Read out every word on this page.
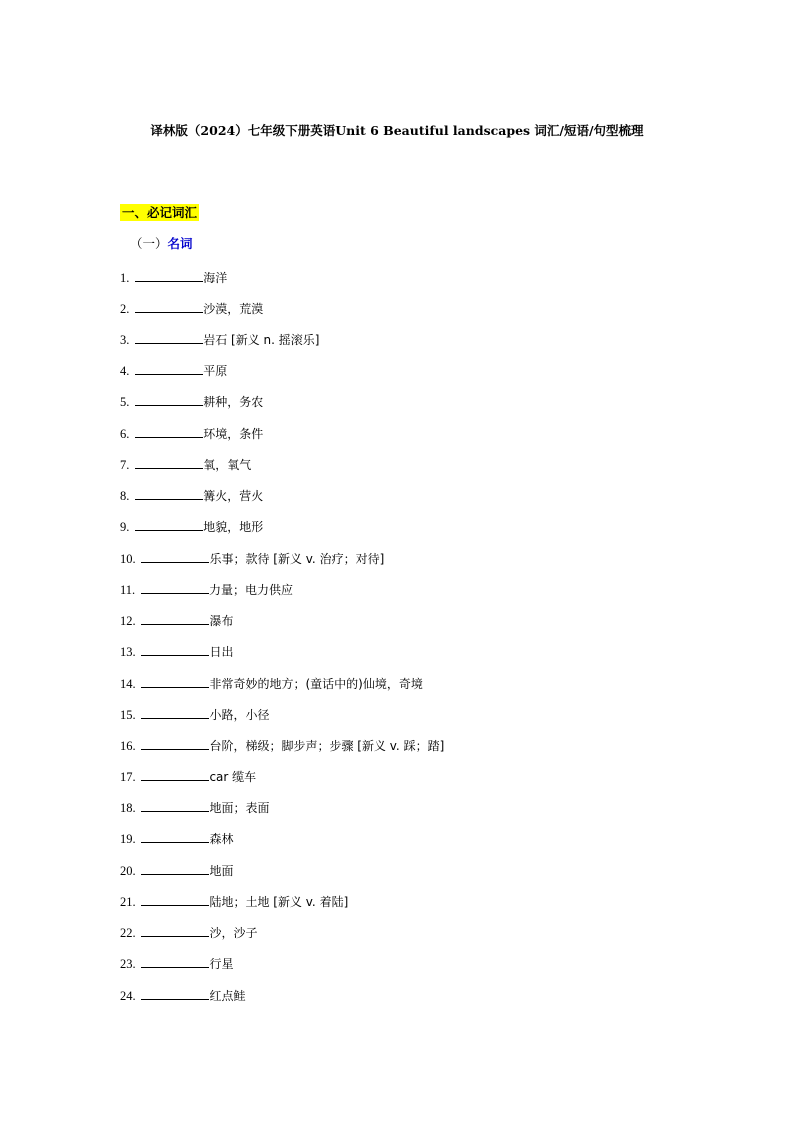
译林版（2024）七年级下册英语Unit 6 Beautiful landscapes 词汇/短语/句型梳理
一、必记词汇
（一）名词
1.	海洋
2.	沙漠，荒漠
3.	岩石 [新义 n. 摇滚乐]
4.	平原
5.	耕种，务农
6.	环境，条件
7.	氧，氧气
8.	篝火，营火
9.	地貌，地形
10.	乐事；款待 [新义 v. 治疗；对待]
11.	力量；电力供应
12.	瀑布
13.	日出
14.	非常奇妙的地方；(童话中的)仙境，奇境
15.	小路，小径
16.	台阶，梯级；脚步声；步骤 [新义 v. 踩；踏]
17.	car 缆车
18.	地面；表面
19.	森林
20.	地面
21.	陆地；土地 [新义 v. 着陆]
22.	沙，沙子
23.	行星
24.	红点鲑
